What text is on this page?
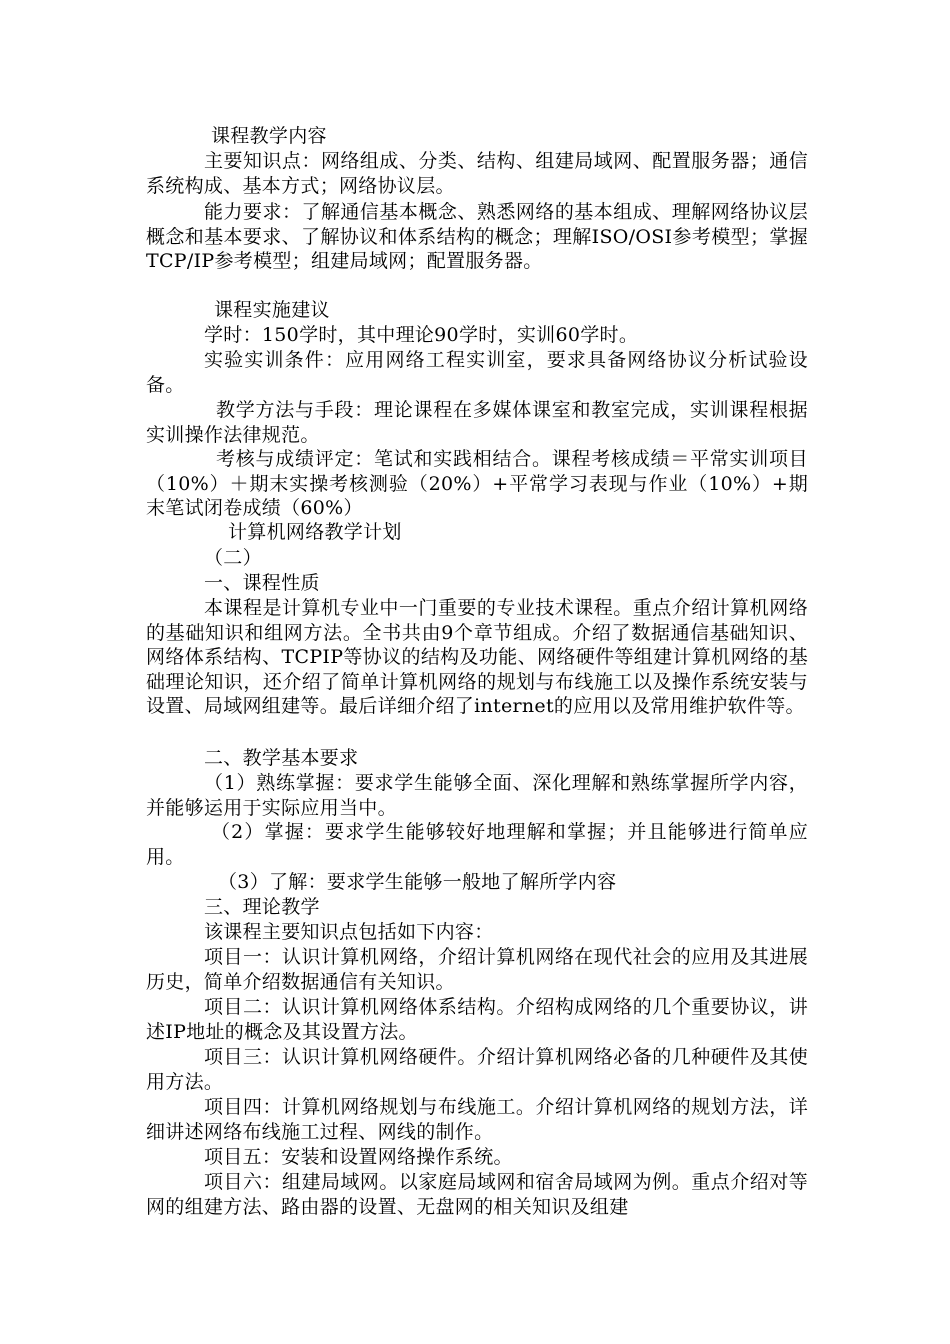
课程教学内容

主要知识点：网络组成、分类、结构、组建局域网、配置服务器；通信系统构成、基本方式；网络协议层。

能力要求：了解通信基本概念、熟悉网络的基本组成、理解网络协议层概念和基本要求、了解协议和体系结构的概念；理解ISO/OSI参考模型；掌握TCP/IP参考模型；组建局域网；配置服务器。

课程实施建议

学时：150学时，其中理论90学时，实训60学时。

实验实训条件：应用网络工程实训室，要求具备网络协议分析试验设备。

教学方法与手段：理论课程在多媒体课室和教室完成，实训课程根据实训操作法律规范。

考核与成绩评定：笔试和实践相结合。课程考核成绩＝平常实训项目（10%）＋期末实操考核测验（20%）+平常学习表现与作业（10%）+期末笔试闭卷成绩（60%）

计算机网络教学计划

（二）

一、课程性质

本课程是计算机专业中一门重要的专业技术课程。重点介绍计算机网络的基础知识和组网方法。全书共由9个章节组成。介绍了数据通信基础知识、网络体系结构、TCPIP等协议的结构及功能、网络硬件等组建计算机网络的基础理论知识，还介绍了简单计算机网络的规划与布线施工以及操作系统安装与设置、局域网组建等。最后详细介绍了internet的应用以及常用维护软件等。

二、教学基本要求

（1）熟练掌握：要求学生能够全面、深化理解和熟练掌握所学内容，并能够运用于实际应用当中。

（2）掌握：要求学生能够较好地理解和掌握；并且能够进行简单应用。

（3）了解：要求学生能够一般地了解所学内容

三、理论教学

该课程主要知识点包括如下内容：

项目一：认识计算机网络，介绍计算机网络在现代社会的应用及其进展历史，简单介绍数据通信有关知识。

项目二：认识计算机网络体系结构。介绍构成网络的几个重要协议，讲述IP地址的概念及其设置方法。

项目三：认识计算机网络硬件。介绍计算机网络必备的几种硬件及其使用方法。

项目四：计算机网络规划与布线施工。介绍计算机网络的规划方法，详细讲述网络布线施工过程、网线的制作。

项目五：安装和设置网络操作系统。

项目六：组建局域网。以家庭局域网和宿舍局域网为例。重点介绍对等网的组建方法、路由器的设置、无盘网的相关知识及组建
